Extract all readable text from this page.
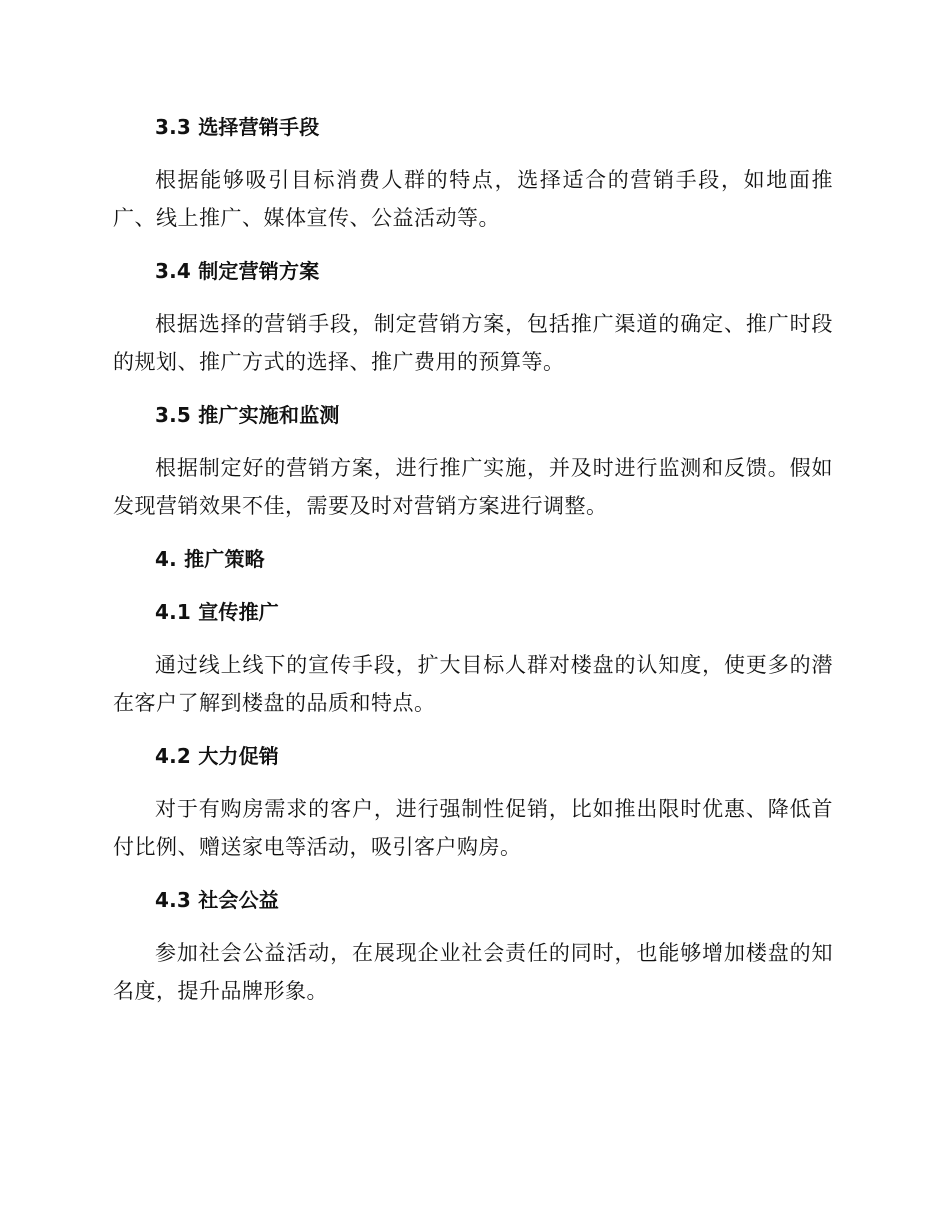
3.3 选择营销手段

根据能够吸引目标消费人群的特点，选择适合的营销手段，如地面推广、线上推广、媒体宣传、公益活动等。

3.4 制定营销方案

根据选择的营销手段，制定营销方案，包括推广渠道的确定、推广时段的规划、推广方式的选择、推广费用的预算等。

3.5 推广实施和监测

根据制定好的营销方案，进行推广实施，并及时进行监测和反馈。假如发现营销效果不佳，需要及时对营销方案进行调整。

4. 推广策略
4.1 宣传推广

通过线上线下的宣传手段，扩大目标人群对楼盘的认知度，使更多的潜在客户了解到楼盘的品质和特点。

4.2 大力促销

对于有购房需求的客户，进行强制性促销，比如推出限时优惠、降低首付比例、赠送家电等活动，吸引客户购房。

4.3 社会公益

参加社会公益活动，在展现企业社会责任的同时，也能够增加楼盘的知名度，提升品牌形象。
